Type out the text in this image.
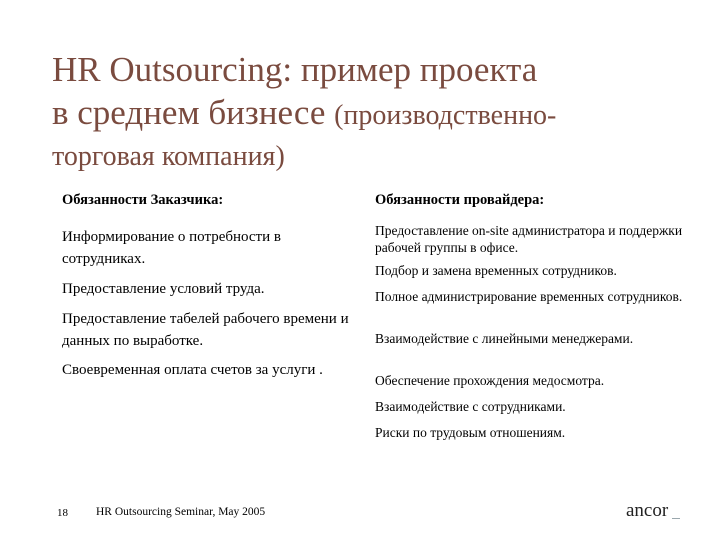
HR Outsourcing: пример проекта
в среднем бизнесе (производственно-
торговая компания)
Обязанности Заказчика:	Обязанности провайдера:
Информирование о потребности в сотрудниках.
Предоставление условий труда.
Предоставление табелей рабочего времени и данных по выработке.
Своевременная оплата счетов за услуги .
Предоставление on-site администратора и поддержки рабочей группы в офисе.
Подбор и замена временных сотрудников.
Полное администрирование временных сотрудников.
Взаимодействие с линейными менеджерами.
Обеспечение прохождения медосмотра.
Взаимодействие с сотрудниками.
Риски по трудовым отношениям.
18 HR Outsourcing Seminar, May 2005	ancor
